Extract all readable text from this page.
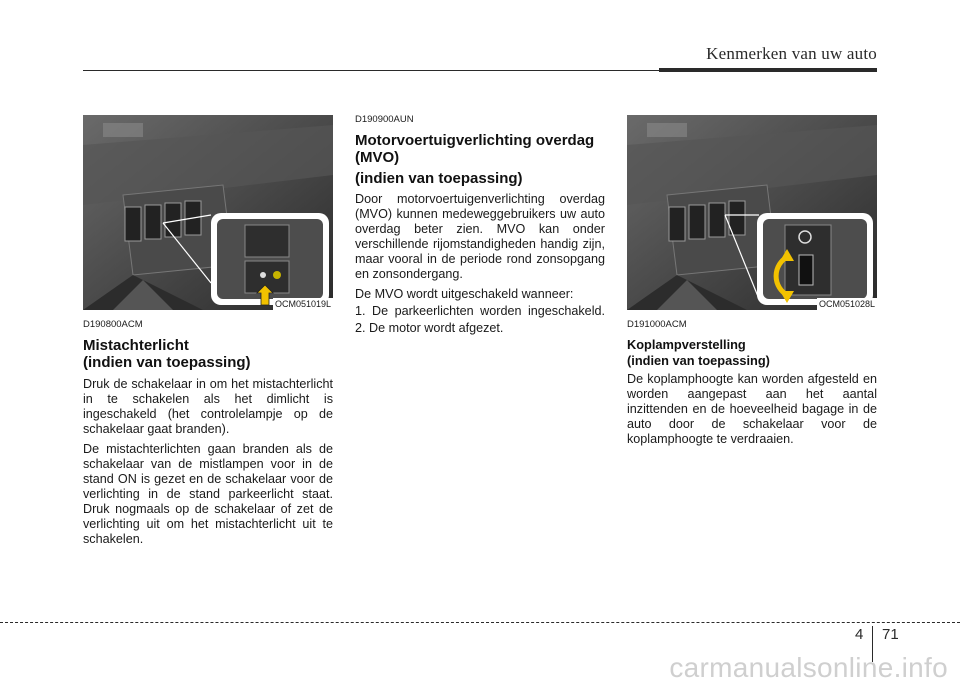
Kenmerken van uw auto
OCM051019L	OCM051028L
D190800ACM
Mistachterlicht
(indien van toepassing)

Druk de schakelaar in om het mistachterlicht in te schakelen als het dimlicht is ingeschakeld (het controlelampje op de schakelaar gaat branden).

De mistachterlichten gaan branden als de schakelaar van de mistlampen voor in de stand ON is gezet en de schakelaar voor de verlichting in de stand parkeerlicht staat. Druk nogmaals op de schakelaar of zet de verlichting uit om het mistachterlicht uit te schakelen.

D190900AUN
Motorvoertuigverlichting overdag
(MVO)
(indien van toepassing)

Door motorvoertuigenverlichting overdag (MVO) kunnen medeweggebruikers uw auto overdag beter zien. MVO kan onder verschillende rijomstandigheden handig zijn, maar vooral in de periode rond zonsopgang en zonsondergang.

De MVO wordt uitgeschakeld wanneer:

1. De parkeerlichten worden ingeschakeld.

2. De motor wordt afgezet.	D191000ACM
Koplampverstelling
(indien van toepassing)

De koplamphoogte kan worden afgesteld en worden aangepast aan het aantal inzittenden en de hoeveelheid bagage in de auto door de schakelaar voor de koplamphoogte te verdraaien.

4 71
carmanualsonline.info
